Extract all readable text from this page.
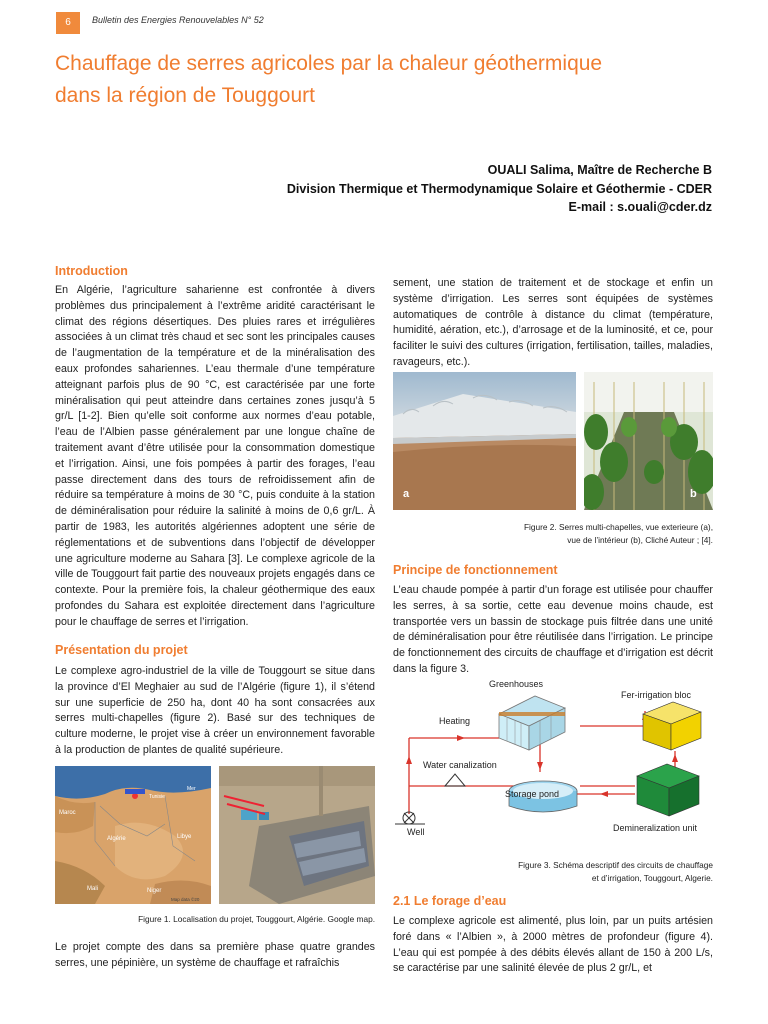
6	Bulletin des Energies Renouvelables N° 52
Chauffage de serres agricoles par la chaleur géothermique
dans la région de Touggourt
OUALI Salima, Maître de Recherche B
Division Thermique et Thermodynamique Solaire et Géothermie - CDER
E-mail : s.ouali@cder.dz
Introduction
En Algérie, l’agriculture saharienne est confrontée à divers problèmes dus principalement à l’extrême aridité caractérisant le climat des régions désertiques. Des pluies rares et irrégulières associées à un climat très chaud et sec sont les principales causes de l’augmentation de la température et de la minéralisation des eaux profondes sahariennes. L’eau thermale d’une température atteignant parfois plus de 90 °C, est caractérisée par une forte minéralisation qui peut atteindre dans certaines zones jusqu’à 5 gr/L [1-2]. Bien qu’elle soit conforme aux normes d’eau potable, l’eau de l’Albien passe généralement par une longue chaîne de traitement avant d’être utilisée pour la consommation domestique et l’irrigation. Ainsi, une fois pompées à partir des forages, l’eau passe directement dans des tours de refroidissement afin de réduire sa température à moins de 30 °C, puis conduite à la station de déminéralisation pour réduire la salinité à moins de 0,6 gr/L. À partir de 1983, les autorités algériennes adoptent une série de réglementations et de subventions dans l’objectif de développer une agriculture moderne au Sahara [3]. Le complexe agricole de la ville de Touggourt fait partie des nouveaux projets engagés dans ce contexte. Pour la première fois, la chaleur géothermique des eaux profondes du Sahara est exploitée directement dans l’agriculture pour le chauffage de serres et l’irrigation.
Présentation du projet
Le complexe agro-industriel de la ville de Touggourt se situe dans la province d’El Meghaier au sud de l’Algérie (figure 1), il s’étend sur une superficie de 250 ha, dont 40 ha sont consacrées aux serres multi-chapelles (figure 2). Basé sur des techniques de culture moderne, le projet vise à créer un environnement favorable à la production de plantes de qualité supérieure.
Maroc
Algérie	Libye
Mali	Niger
Mer
Tunisie
Map data ©20
Figure 1. Localisation du projet, Touggourt, Algérie. Google map.
Le projet compte des dans sa première phase quatre grandes serres, une pépinière, un système de chauffage et rafraîchis
sement, une station de traitement et de stockage et enfin un système d’irrigation. Les serres sont équipées de systèmes automatiques de contrôle à distance du climat (température, humidité, aération, etc.), d’arrosage et de la luminosité, et ce, pour faciliter le suivi des cultures (irrigation, fertilisation, tailles, maladies, ravageurs, etc.).
a	b
Figure 2. Serres multi-chapelles, vue exterieure (a),
vue de l’intérieur (b), Cliché Auteur ; [4].
Principe de fonctionnement
L’eau chaude pompée à partir d’un forage est utilisée pour chauffer les serres, à sa sortie, cette eau devenue moins chaude, est transportée vers un bassin de stockage puis filtrée dans une unité de déminéralisation pour être réutilisée dans l’irrigation. Le principe de fonctionnement des circuits de chauffage et d’irrigation est décrit dans la figure 3.
Greenhouses
Fer-irrigation bloc
Heating
Water canalization
Storage pond
Well	Demineralization unit
Figure 3. Schéma descriptif des circuits de chauffage
et d’irrigation, Touggourt, Algerie.
2.1 Le forage d’eau
Le complexe agricole est alimenté, plus loin, par un puits artésien foré dans « l’Albien », à 2000 mètres de profondeur (figure 4). L’eau qui est pompée à des débits élevés allant de 150 à 200 L/s, se caractérise par une salinité élevée de plus 2 gr/L, et
